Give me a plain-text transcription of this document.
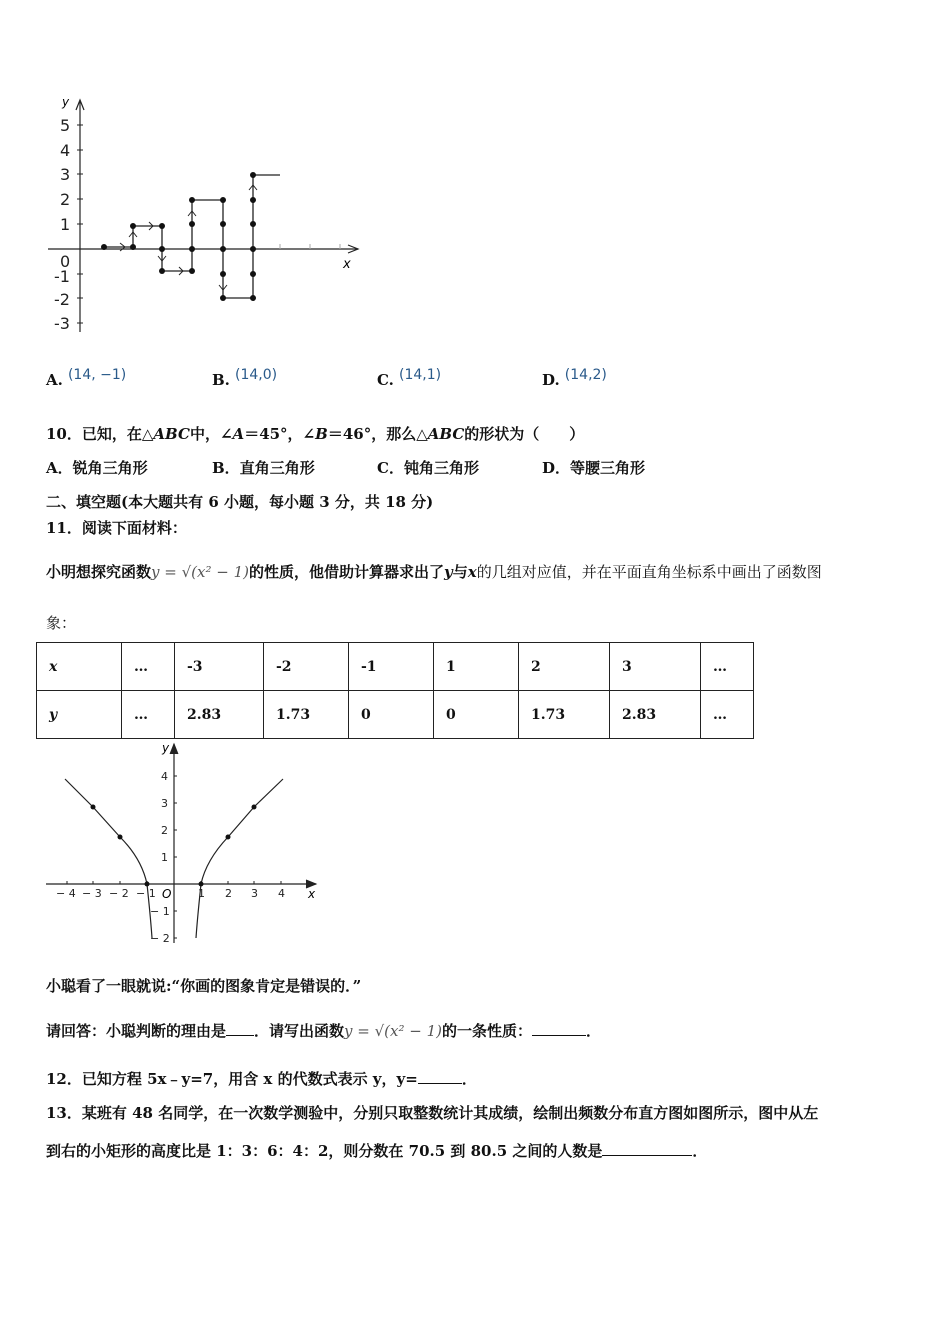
y
x
5
4
3
2
1
0
-1
-2
-3
A. (14, −1)	B. (14,0)	C. (14,1)	D. (14,2)
10．已知，在△ABC中，∠A＝45°，∠B＝46°，那么△ABC的形状为（　　）
A．锐角三角形	B．直角三角形	C．钝角三角形	D．等腰三角形
二、填空题(本大题共有 6 小题，每小题 3 分，共 18 分)
11．阅读下面材料：
小明想探究函数y = √(x² − 1)的性质，他借助计算器求出了y与x的几组对应值，并在平面直角坐标系中画出了函数图
象：
x	…	-3	-2	-1	1	2	3	…
y	…	2.83	1.73	0	0	1.73	2.83	…
y
x
O
− 4 − 3 − 2 − 1	1 2 3 4
4
3
2
1
− 1
− 2
小聪看了一眼就说:“你画的图象肯定是错误的．”
请回答：小聪判断的理由是 ．请写出函数y = √(x² − 1)的一条性质：	．
12．已知方程 5x﹣y=7，用含 x 的代数式表示 y，y=	．
13．某班有 48 名同学，在一次数学测验中，分别只取整数统计其成绩，绘制出频数分布直方图如图所示，图中从左
到右的小矩形的高度比是 1：3：6：4：2，则分数在 70.5 到 80.5 之间的人数是	．
